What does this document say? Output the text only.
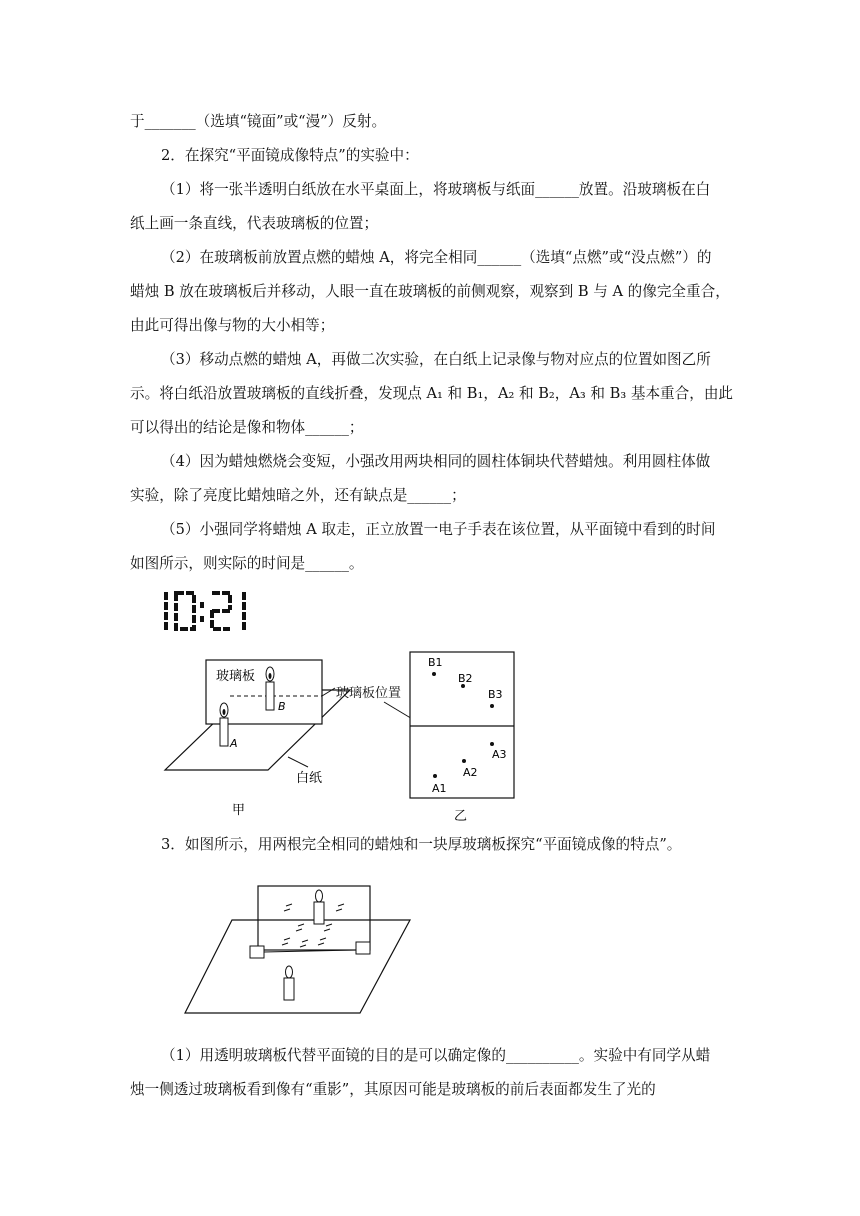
于_______（选填“镜面”或“漫”）反射。
2．在探究“平面镜成像特点”的实验中：
（1）将一张半透明白纸放在水平桌面上，将玻璃板与纸面______放置。沿玻璃板在白
纸上画一条直线，代表玻璃板的位置；
（2）在玻璃板前放置点燃的蜡烛 A，将完全相同______（选填“点燃”或“没点燃”）的
蜡烛 B 放在玻璃板后并移动，人眼一直在玻璃板的前侧观察，观察到 B 与 A 的像完全重合，
由此可得出像与物的大小相等；
（3）移动点燃的蜡烛 A，再做二次实验，在白纸上记录像与物对应点的位置如图乙所
示。将白纸沿放置玻璃板的直线折叠，发现点 A₁ 和 B₁，A₂ 和 B₂，A₃ 和 B₃ 基本重合，由此
可以得出的结论是像和物体______；
（4）因为蜡烛燃烧会变短，小强改用两块相同的圆柱体铜块代替蜡烛。利用圆柱体做
实验，除了亮度比蜡烛暗之外，还有缺点是______；
（5）小强同学将蜡烛 A 取走，正立放置一电子手表在该位置，从平面镜中看到的时间
如图所示，则实际的时间是______。
玻璃板
B
A
白纸
甲
玻璃板位置
B1
B2
B3
A3
A2
A1
乙
3．如图所示，用两根完全相同的蜡烛和一块厚玻璃板探究“平面镜成像的特点”。
（1）用透明玻璃板代替平面镜的目的是可以确定像的__________。实验中有同学从蜡
烛一侧透过玻璃板看到像有“重影”，其原因可能是玻璃板的前后表面都发生了光的
